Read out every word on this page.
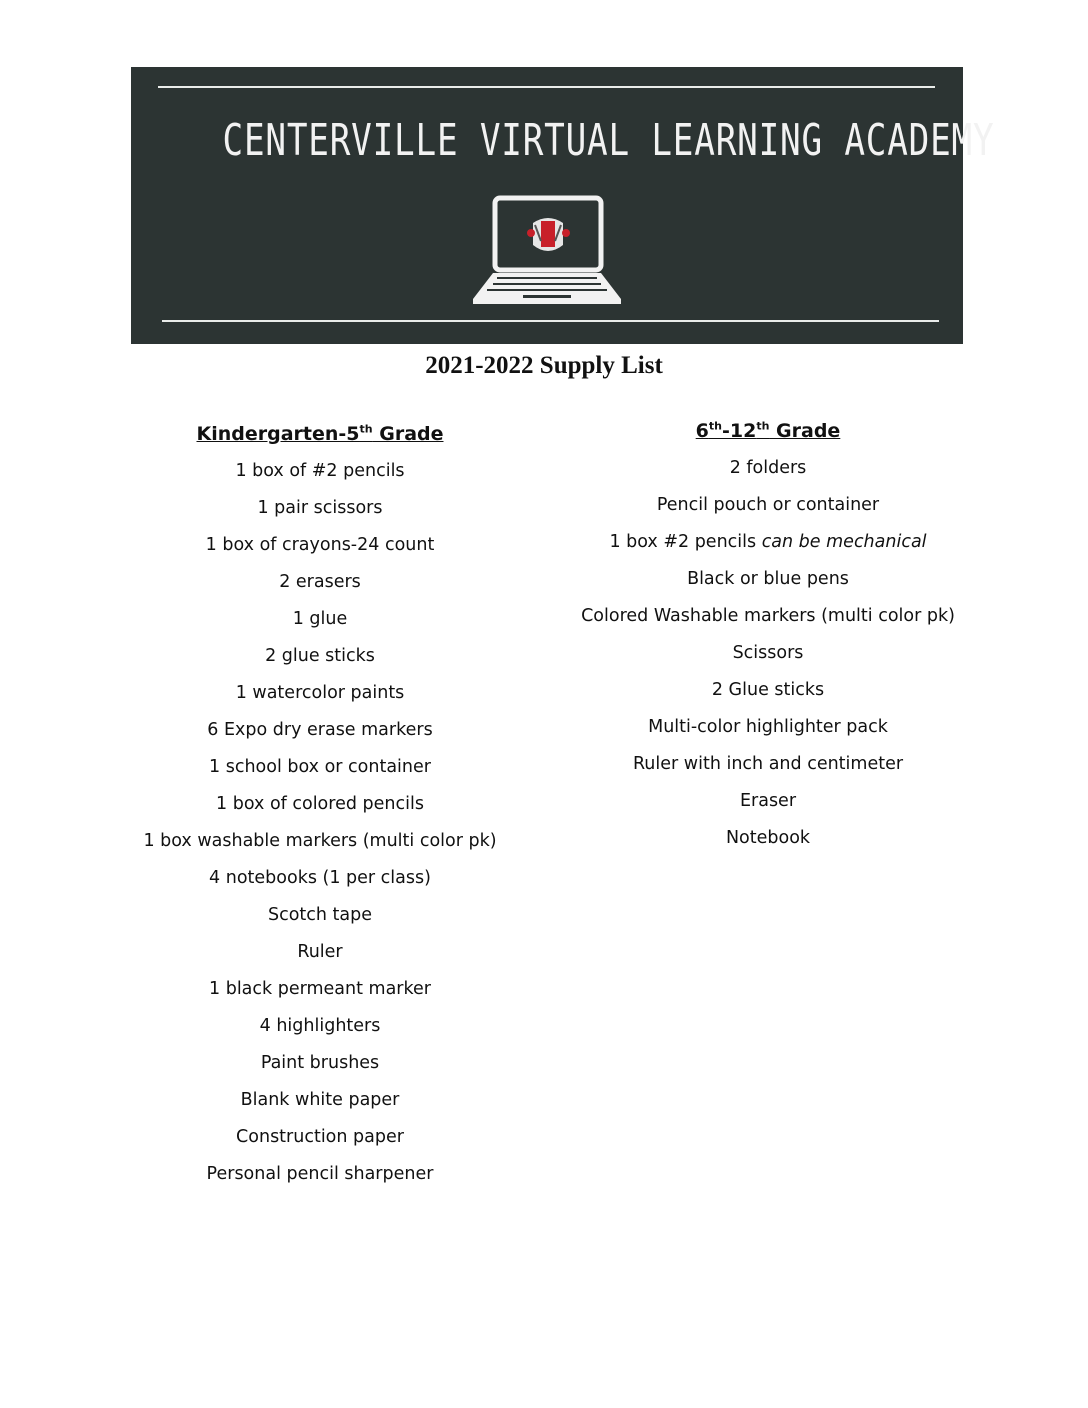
CENTERVILLE VIRTUAL LEARNING ACADEMY
2021-2022 Supply List
Kindergarten-5th Grade
1 box of #2 pencils
1 pair scissors
1 box of crayons-24 count
2 erasers
1 glue
2 glue sticks
1 watercolor paints
6 Expo dry erase markers
1 school box or container
1 box of colored pencils
1 box washable markers (multi color pk)
4 notebooks (1 per class)
Scotch tape
Ruler
1 black permeant marker
4 highlighters
Paint brushes
Blank white paper
Construction paper
Personal pencil sharpener
6th-12th Grade
2 folders
Pencil pouch or container
1 box #2 pencils can be mechanical
Black or blue pens
Colored Washable markers (multi color pk)
Scissors
2 Glue sticks
Multi-color highlighter pack
Ruler with inch and centimeter
Eraser
Notebook
